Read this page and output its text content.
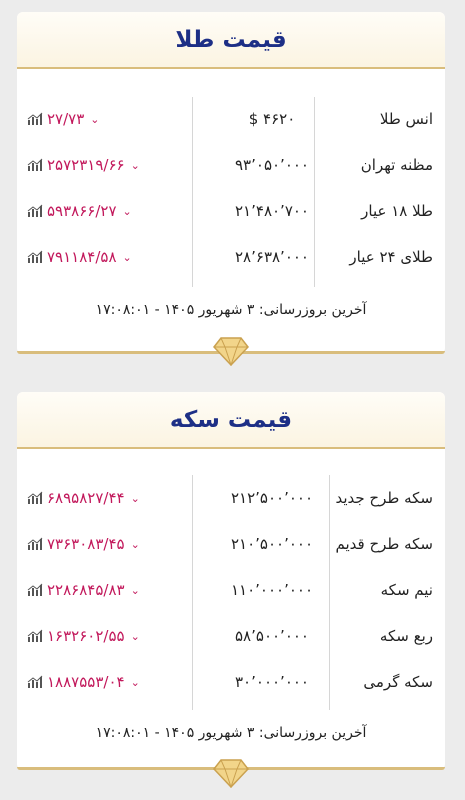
قیمت طلا
انس طلا
۴۶۲۰ $
۲۷/۷۳ ⌄
مظنه تهران
۹۳٬۰۵۰٬۰۰۰
۲۵۷۲۳۱۹/۶۶ ⌄
طلا ۱۸ عیار
۲۱٬۴۸۰٬۷۰۰
۵۹۳۸۶۶/۲۷ ⌄
طلای ۲۴ عیار
۲۸٬۶۳۸٬۰۰۰
۷۹۱۱۸۴/۵۸ ⌄
آخرین بروزرسانی: ۳ شهریور ۱۴۰۵ - ۱۷:۰۸:۰۱
قیمت سکه
سکه طرح جدید
۲۱۲٬۵۰۰٬۰۰۰
۶۸۹۵۸۲۷/۴۴ ⌄
سکه طرح قدیم
۲۱۰٬۵۰۰٬۰۰۰
۷۳۶۳۰۸۳/۴۵ ⌄
نیم سکه
۱۱۰٬۰۰۰٬۰۰۰
۲۲۸۶۸۴۵/۸۳ ⌄
ربع سکه
۵۸٬۵۰۰٬۰۰۰
۱۶۳۲۶۰۲/۵۵ ⌄
سکه گرمی
۳۰٬۰۰۰٬۰۰۰
۱۸۸۷۵۵۳/۰۴ ⌄
آخرین بروزرسانی: ۳ شهریور ۱۴۰۵ - ۱۷:۰۸:۰۱
